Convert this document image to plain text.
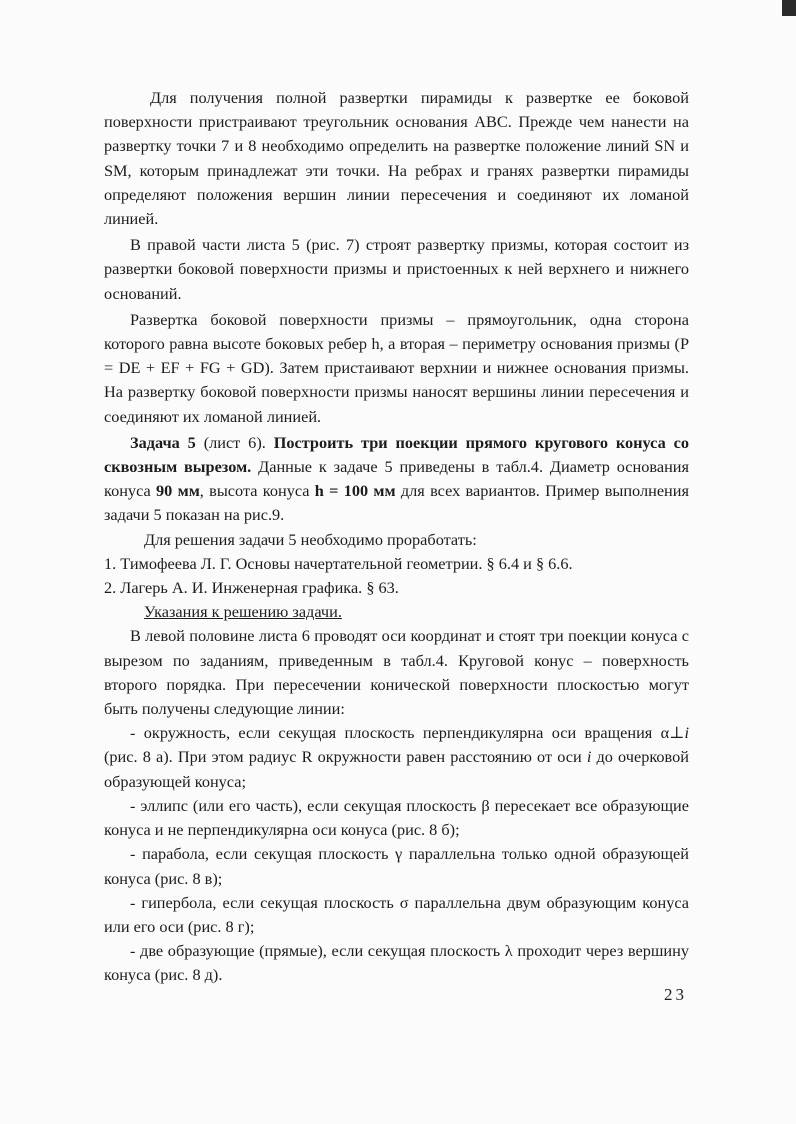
Для получения полной развертки пирамиды к развертке ее боковой поверхности пристраивают треугольник основания АВС. Прежде чем нанести на развертку точки 7 и 8 необходимо определить на развертке положение линий SN и SM, которым принадлежат эти точки. На ребрах и гранях развертки пирамиды определяют положения вершин линии пересечения и соединяют их ломаной линией.

В правой части листа 5 (рис. 7) строят развертку призмы, которая состоит из развертки боковой поверхности призмы и пристоенных к ней верхнего и нижнего оснований.

Развертка боковой поверхности призмы – прямоугольник, одна сторона которого равна высоте боковых ребер h, а вторая – периметру основания призмы (P = DE + EF + FG + GD). Затем пристаивают верхнии и нижнее основания призмы. На развертку боковой поверхности призмы наносят вершины линии пересечения и соединяют их ломаной линией.

Задача 5 (лист 6). Построить три поекции прямого кругового конуса со сквозным вырезом. Данные к задаче 5 приведены в табл.4. Диаметр основания конуса 90 мм, высота конуса h = 100 мм для всех вариантов. Пример выполнения задачи 5 показан на рис.9.

Для решения задачи 5 необходимо проработать:

1. Тимофеева Л. Г. Основы начертательной геометрии. § 6.4 и § 6.6.

2. Лагерь А. И. Инженерная графика. § 63.

Указания к решению задачи.

В левой половине листа 6 проводят оси координат и стоят три поекции конуса с вырезом по заданиям, приведенным в табл.4. Круговой конус – поверхность второго порядка. При пересечении конической поверхности плоскостью могут быть получены следующие линии:

- окружность, если секущая плоскость перпендикулярна оси вращения α⊥i (рис. 8 а). При этом радиус R окружности равен расстоянию от оси i до очерковой образующей конуса;

- эллипс (или его часть), если секущая плоскость β пересекает все образующие конуса и не перпендикулярна оси конуса (рис. 8 б);

- парабола, если секущая плоскость γ параллельна только одной образующей конуса (рис. 8 в);

- гипербола, если секущая плоскость σ параллельна двум образующим конуса или его оси (рис. 8 г);

- две образующие (прямые), если секущая плоскость λ проходит через вершину конуса (рис. 8 д).

23
